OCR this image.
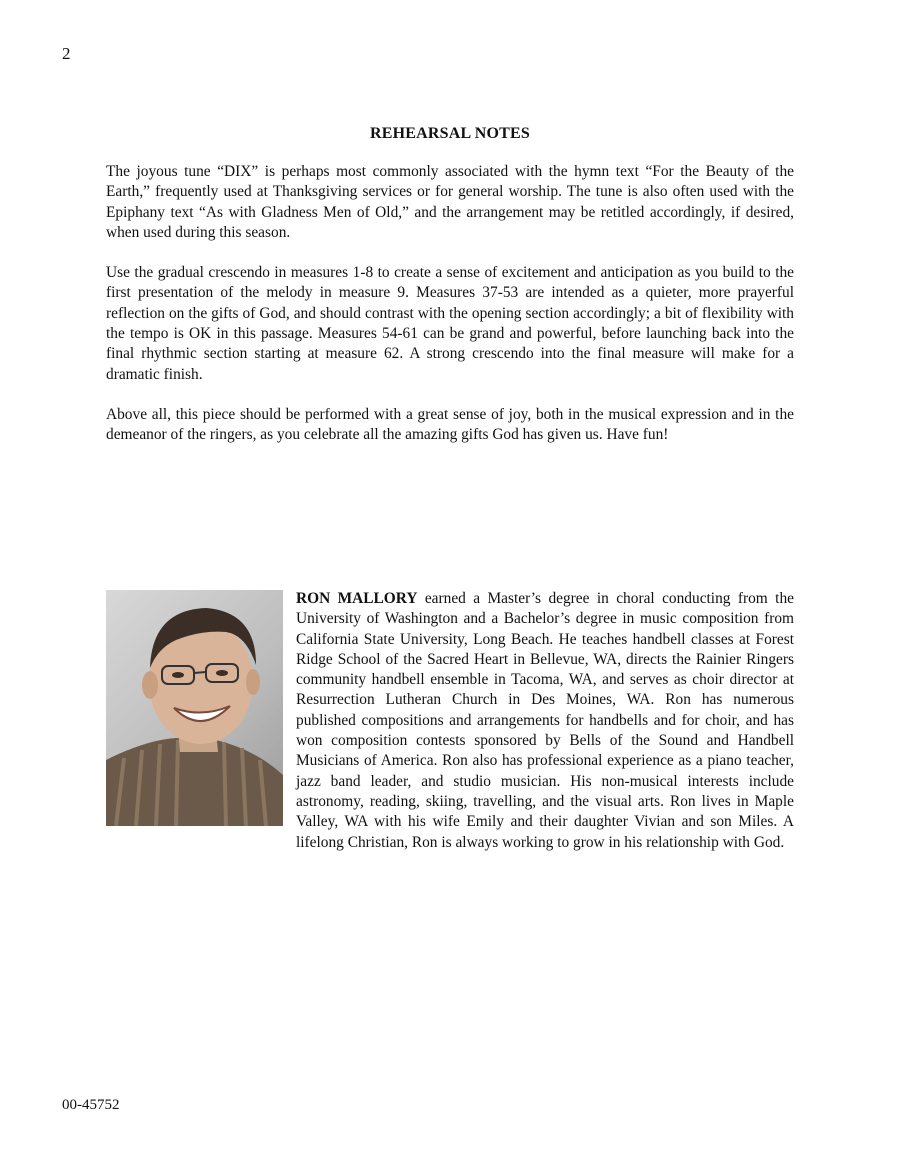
2
REHEARSAL NOTES

The joyous tune “DIX” is perhaps most commonly associated with the hymn text “For the Beauty of the Earth,” frequently used at Thanksgiving services or for general worship. The tune is also often used with the Epiphany text “As with Gladness Men of Old,” and the arrangement may be retitled accordingly, if desired, when used during this season.

Use the gradual crescendo in measures 1-8 to create a sense of excitement and anticipation as you build to the first presentation of the melody in measure 9. Measures 37-53 are intended as a quieter, more prayerful reflection on the gifts of God, and should contrast with the opening section accordingly; a bit of flexibility with the tempo is OK in this passage. Measures 54-61 can be grand and powerful, before launching back into the final rhythmic section starting at measure 62. A strong crescendo into the final measure will make for a dramatic finish.

Above all, this piece should be performed with a great sense of joy, both in the musical expression and in the demeanor of the ringers, as you celebrate all the amazing gifts God has given us. Have fun!

RON MALLORY earned a Master’s degree in choral conducting from the University of Washington and a Bachelor’s degree in music composition from California State University, Long Beach. He teaches handbell classes at Forest Ridge School of the Sacred Heart in Bellevue, WA, directs the Rainier Ringers community handbell ensemble in Tacoma, WA, and serves as choir director at Resurrection Lutheran Church in Des Moines, WA. Ron has numerous published compositions and arrangements for handbells and for choir, and has won composition contests sponsored by Bells of the Sound and Handbell Musicians of America. Ron also has professional experience as a piano teacher, jazz band leader, and studio musician. His non-musical interests include astronomy, reading, skiing, travelling, and the visual arts. Ron lives in Maple Valley, WA with his wife Emily and their daughter Vivian and son Miles. A lifelong Christian, Ron is always working to grow in his relationship with God.

00-45752
